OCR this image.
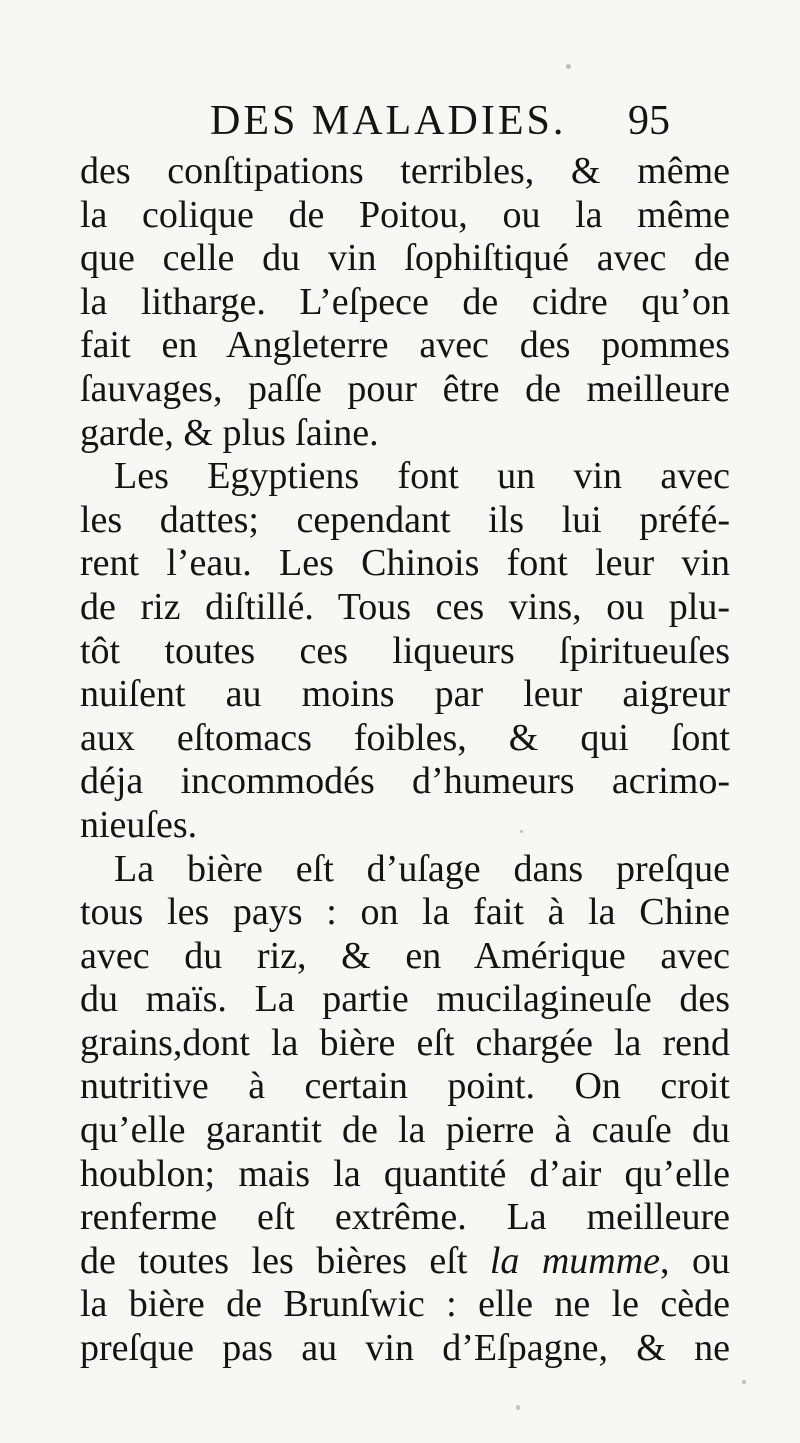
DES MALADIES. 95
des conſtipations terribles, & même
la colique de Poitou, ou la même
que celle du vin ſophiſtiqué avec de
la litharge. L’eſpece de cidre qu’on
fait en Angleterre avec des pommes
ſauvages, paſſe pour être de meilleure
garde, & plus ſaine.
Les Egyptiens font un vin avec
les dattes; cependant ils lui préfé-
rent l’eau. Les Chinois font leur vin
de riz diſtillé. Tous ces vins, ou plu-
tôt toutes ces liqueurs ſpiritueuſes
nuiſent au moins par leur aigreur
aux eſtomacs foibles, & qui ſont
déja incommodés d’humeurs acrimo-
nieuſes.
La bière eſt d’uſage dans preſque
tous les pays : on la fait à la Chine
avec du riz, & en Amérique avec
du maïs. La partie mucilagineuſe des
grains,dont la bière eſt chargée la rend
nutritive à certain point. On croit
qu’elle garantit de la pierre à cauſe du
houblon; mais la quantité d’air qu’elle
renferme eſt extrême. La meilleure
de toutes les bières eſt la mumme, ou
la bière de Brunſwic : elle ne le cède
preſque pas au vin d’Eſpagne, & ne
